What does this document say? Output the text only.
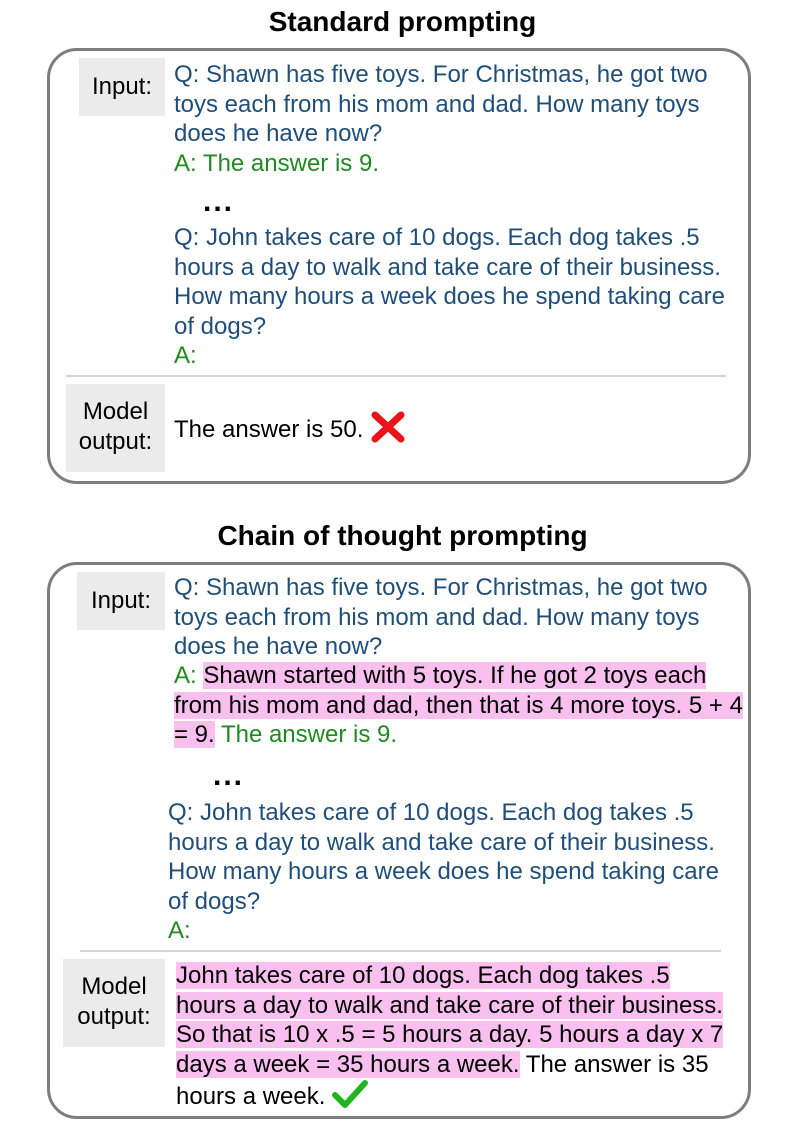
Standard prompting
Input: Q: Shawn has five toys. For Christmas, he got two toys each from his mom and dad. How many toys does he have now?
A: The answer is 9.
...
Q: John takes care of 10 dogs. Each dog takes .5 hours a day to walk and take care of their business. How many hours a week does he spend taking care of dogs?
A:
Model
output: The answer is 50.
Chain of thought prompting
Input: Q: Shawn has five toys. For Christmas, he got two toys each from his mom and dad. How many toys does he have now?
A: Shawn started with 5 toys. If he got 2 toys each from his mom and dad, then that is 4 more toys. 5 + 4 = 9. The answer is 9.
...
Q: John takes care of 10 dogs. Each dog takes .5 hours a day to walk and take care of their business. How many hours a week does he spend taking care of dogs?
A:
Model
output:
John takes care of 10 dogs. Each dog takes .5 hours a day to walk and take care of their business. So that is 10 x .5 = 5 hours a day. 5 hours a day x 7 days a week = 35 hours a week. The answer is 35 hours a week.
